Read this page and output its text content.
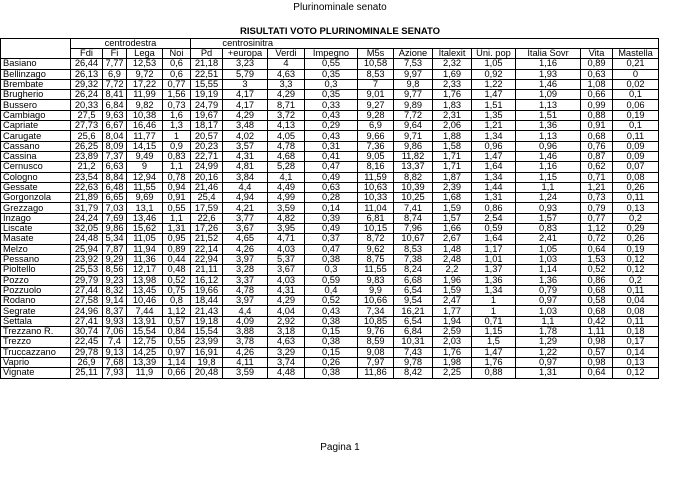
Plurinominale senato
RISULTATI VOTO PLURINOMINALE SENATO
	centrodestra				centrosinitra										
	Fdi	Fi	Lega	Noi	Pd	+europa	Verdi	Impegno	M5s	Azione	Italexit	Uni. pop	Italia Sovr	Vita	Mastella
Basiano	26,44	7,77	12,53	0,6	21,18	3,23	4	0,55	10,58	7,53	2,32	1,05	1,16	0,89	0,21
Bellinzago	26,13	6,9	9,72	0,6	22,51	5,79	4,63	0,35	8,53	9,97	1,69	0,92	1,93	0,63	0
Brembate	29,32	7,72	17,22	0,77	15,55	3	3,3	0,3	7	9,8	2,33	1,22	1,46	1,08	0,02
Brugherio	26,24	8,41	11,99	1,56	19,19	4,17	4,29	0,35	9,01	9,77	1,76	1,47	1,09	0,66	0,1
Bussero	20,33	6,84	9,82	0,73	24,79	4,17	8,71	0,33	9,27	9,89	1,83	1,51	1,13	0,99	0,06
Cambiago	27,5	9,63	10,38	1,6	19,67	4,29	3,72	0,43	9,28	7,72	2,31	1,35	1,51	0,88	0,19
Capriate	27,73	6,67	16,46	1,3	18,17	3,48	4,13	0,29	6,9	9,64	2,06	1,21	1,36	0,91	0,1
Carugate	25,6	8,04	11,77	1	20,57	4,02	4,05	0,43	9,66	9,71	1,88	1,34	1,13	0,68	0,11
Cassano	26,25	8,09	14,15	0,9	20,23	3,57	4,78	0,31	7,36	9,86	1,58	0,96	0,96	0,76	0,09
Cassina	23,89	7,37	9,49	0,83	22,71	4,31	4,68	0,41	9,05	11,82	1,71	1,47	1,46	0,87	0,09
Cernusco	21,2	6,63	9	1,1	24,99	4,81	5,28	0,47	8,16	13,37	1,71	1,64	1,16	0,62	0,07
Cologno	23,54	8,84	12,94	0,78	20,16	3,84	4,1	0,49	11,59	8,82	1,87	1,34	1,15	0,71	0,08
Gessate	22,63	6,48	11,55	0,94	21,46	4,4	4,49	0,63	10,63	10,39	2,39	1,44	1,1	1,21	0,26
Gorgonzola	21,89	6,65	9,69	0,91	25,4	4,94	4,99	0,28	10,33	10,25	1,68	1,31	1,24	0,73	0,11
Grezzago	31,79	7,03	13,1	0,55	17,59	4,21	3,59	0,14	11,04	7,41	1,59	0,86	0,93	0,79	0,13
Inzago	24,24	7,69	13,46	1,1	22,6	3,77	4,82	0,39	6,81	8,74	1,57	2,54	1,57	0,77	0,2
Liscate	32,05	9,86	15,62	1,31	17,26	3,67	3,95	0,49	10,15	7,96	1,66	0,59	0,83	1,12	0,29
Masate	24,48	5,34	11,05	0,95	21,52	4,65	4,71	0,37	8,72	10,67	2,67	1,64	2,41	0,72	0,26
Melzo	25,94	7,87	11,94	0,89	22,14	4,26	4,03	0,47	9,62	8,53	1,48	1,17	1,05	0,64	0,19
Pessano	23,92	9,29	11,36	0,44	22,94	3,97	5,37	0,38	8,75	7,38	2,48	1,01	1,03	1,53	0,12
Pioltello	25,53	8,56	12,17	0,48	21,11	3,28	3,67	0,3	11,55	8,24	2,2	1,37	1,14	0,52	0,12
Pozzo	29,79	9,23	13,98	0,52	16,12	3,37	4,03	0,59	9,83	6,68	1,96	1,36	1,36	0,86	0,2
Pozzuolo	27,44	8,32	13,45	0,75	19,66	4,78	4,31	0,4	9,9	6,54	1,59	1,34	0,79	0,68	0,11
Rodano	27,58	9,14	10,46	0,8	18,44	3,97	4,29	0,52	10,66	9,54	2,47	1	0,97	0,58	0,04
Segrate	24,96	8,37	7,44	1,12	21,43	4,4	4,04	0,43	7,34	16,21	1,77	1	1,03	0,68	0,08
Settala	27,41	9,93	13,91	0,57	19,18	4,09	2,92	0,38	10,85	6,54	1,94	0,71	1,1	0,42	0,11
Trezzano R.	30,74	7,06	15,54	0,84	15,54	3,88	3,18	0,15	9,76	6,84	2,59	1,15	1,78	1,11	0,18
Trezzo	22,45	7,4	12,75	0,55	23,99	3,78	4,63	0,38	8,59	10,31	2,03	1,5	1,29	0,98	0,17
Truccazzano	29,78	9,13	14,25	0,97	16,91	4,26	3,29	0,15	9,08	7,43	1,76	1,47	1,22	0,57	0,14
Vaprio	26,9	7,68	13,39	1,14	19,8	4,11	3,74	0,26	7,97	9,78	1,98	1,76	0,97	0,98	0,13
Vignate	25,11	7,93	11,9	0,66	20,48	3,59	4,48	0,38	11,86	8,42	2,25	0,88	1,31	0,64	0,12
Pagina 1
